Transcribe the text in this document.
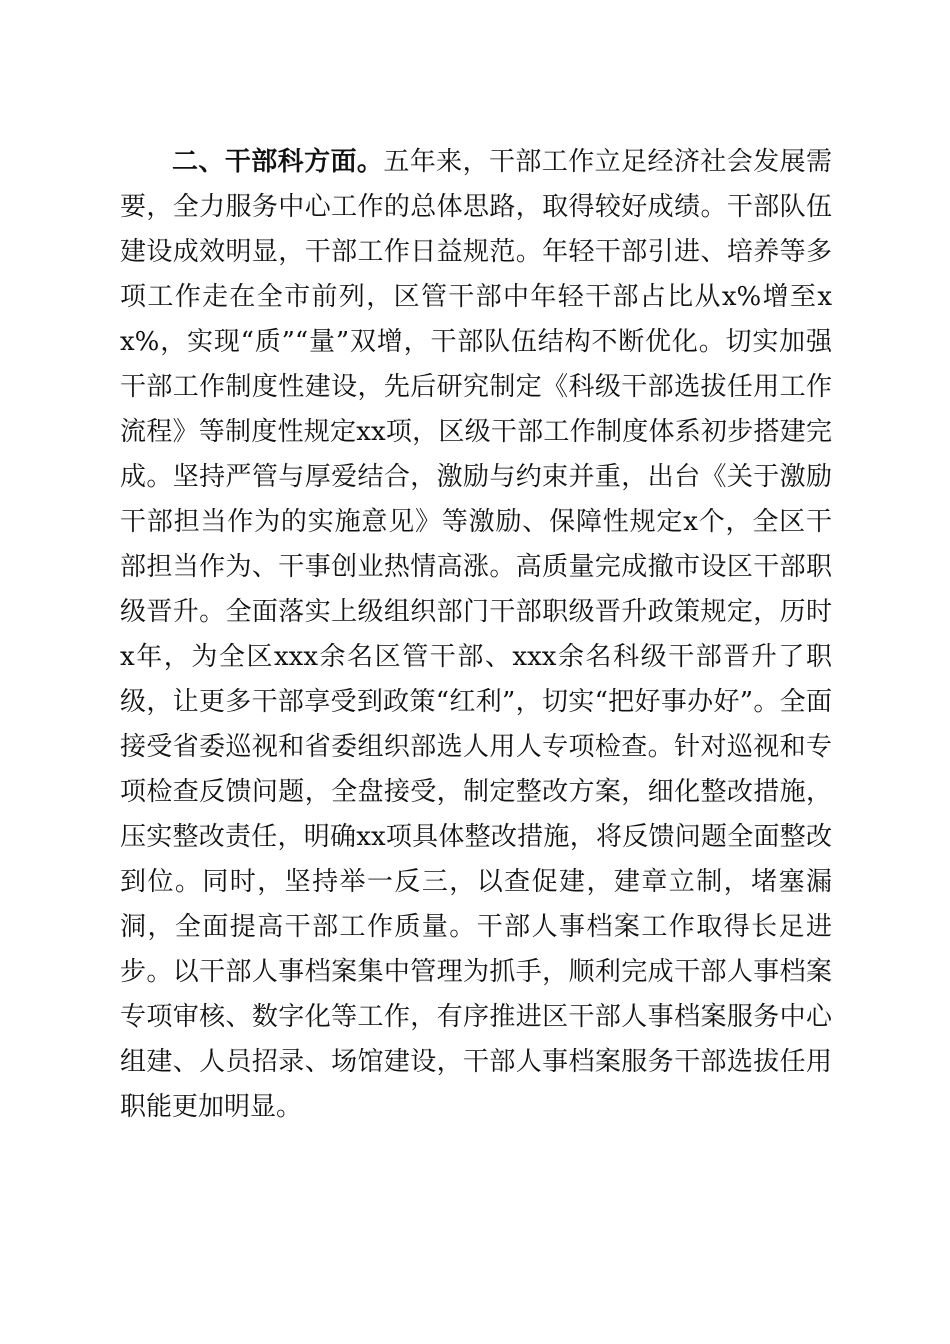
二、干部科方面。五年来，干部工作立足经济社会发展需要，全力服务中心工作的总体思路，取得较好成绩。干部队伍建设成效明显，干部工作日益规范。年轻干部引进、培养等多项工作走在全市前列，区管干部中年轻干部占比从x%增至xx%，实现“质”“量”双增，干部队伍结构不断优化。切实加强干部工作制度性建设，先后研究制定《科级干部选拔任用工作流程》等制度性规定xx项，区级干部工作制度体系初步搭建完成。坚持严管与厚爱结合，激励与约束并重，出台《关于激励干部担当作为的实施意见》等激励、保障性规定x个，全区干部担当作为、干事创业热情高涨。高质量完成撤市设区干部职级晋升。全面落实上级组织部门干部职级晋升政策规定，历时x年，为全区xxx余名区管干部、xxx余名科级干部晋升了职级，让更多干部享受到政策“红利”，切实“把好事办好”。全面接受省委巡视和省委组织部选人用人专项检查。针对巡视和专项检查反馈问题，全盘接受，制定整改方案，细化整改措施，压实整改责任，明确xx项具体整改措施，将反馈问题全面整改到位。同时，坚持举一反三，以查促建，建章立制，堵塞漏洞，全面提高干部工作质量。干部人事档案工作取得长足进步。以干部人事档案集中管理为抓手，顺利完成干部人事档案专项审核、数字化等工作，有序推进区干部人事档案服务中心组建、人员招录、场馆建设，干部人事档案服务干部选拔任用职能更加明显。
